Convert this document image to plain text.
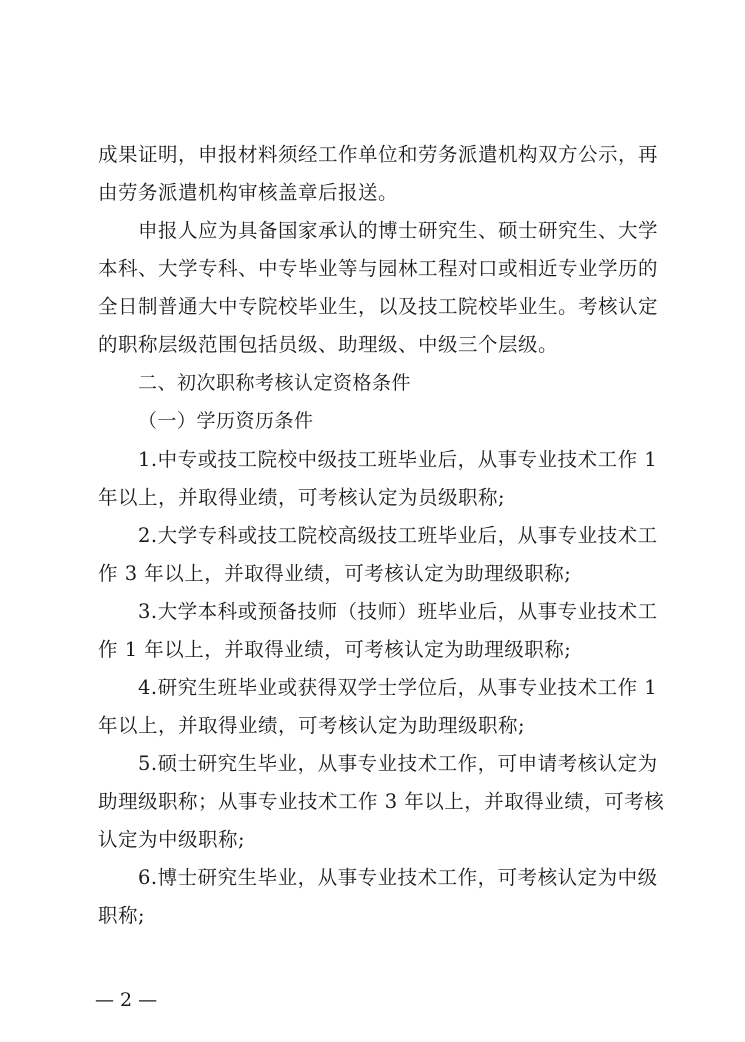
成果证明，申报材料须经工作单位和劳务派遣机构双方公示，再
由劳务派遣机构审核盖章后报送。
申报人应为具备国家承认的博士研究生、硕士研究生、大学
本科、大学专科、中专毕业等与园林工程对口或相近专业学历的
全日制普通大中专院校毕业生，以及技工院校毕业生。考核认定
的职称层级范围包括员级、助理级、中级三个层级。
二、初次职称考核认定资格条件
（一）学历资历条件
1.中专或技工院校中级技工班毕业后，从事专业技术工作 1
年以上，并取得业绩，可考核认定为员级职称;
2.大学专科或技工院校高级技工班毕业后，从事专业技术工
作 3 年以上，并取得业绩，可考核认定为助理级职称;
3.大学本科或预备技师（技师）班毕业后，从事专业技术工
作 1 年以上，并取得业绩，可考核认定为助理级职称;
4.研究生班毕业或获得双学士学位后，从事专业技术工作 1
年以上，并取得业绩，可考核认定为助理级职称;
5.硕士研究生毕业，从事专业技术工作，可申请考核认定为
助理级职称；从事专业技术工作 3 年以上，并取得业绩，可考核
认定为中级职称;
6.博士研究生毕业，从事专业技术工作，可考核认定为中级
职称;
— 2 —
